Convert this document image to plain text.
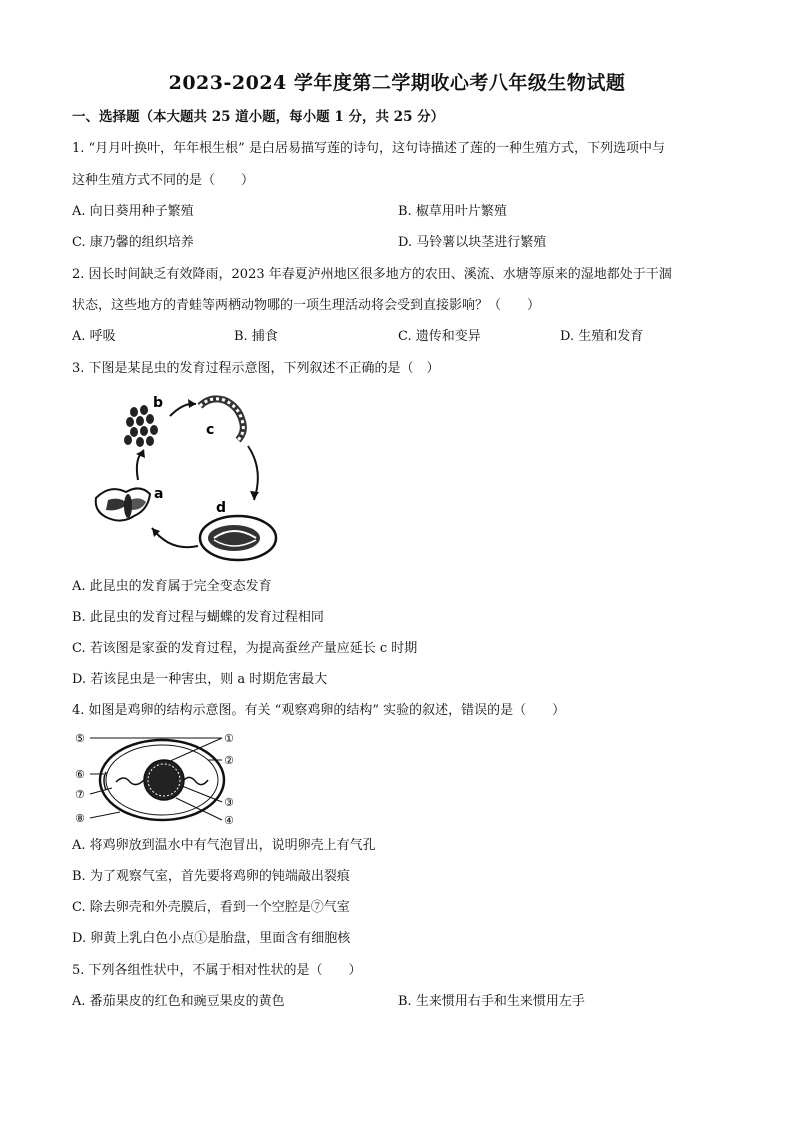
2023-2024 学年度第二学期收心考八年级生物试题
一、选择题（本大题共 25 道小题，每小题 1 分，共 25 分）
1. “月月叶换叶，年年根生根” 是白居易描写莲的诗句，这句诗描述了莲的一种生殖方式，下列选项中与
这种生殖方式不同的是（　　）
A. 向日葵用种子繁殖	B. 椒草用叶片繁殖
C. 康乃馨的组织培养	D. 马铃薯以块茎进行繁殖
2. 因长时间缺乏有效降雨，2023 年春夏泸州地区很多地方的农田、溪流、水塘等原来的湿地都处于干涸
状态，这些地方的青蛙等两栖动物哪的一项生理活动将会受到直接影响？（　　）
A. 呼吸	B. 捕食	C. 遗传和变异	D. 生殖和发育
3. 下图是某昆虫的发育过程示意图，下列叙述不正确的是（　）
b
c
d
a
A. 此昆虫的发育属于完全变态发育
B. 此昆虫的发育过程与蝴蝶的发育过程相同
C. 若该图是家蚕的发育过程，为提高蚕丝产量应延长 c 时期
D. 若该昆虫是一种害虫，则 a 时期危害最大
4. 如图是鸡卵的结构示意图。有关 “观察鸡卵的结构” 实验的叙述，错误的是（　　）
⑤	①
②
③
④
⑥
⑦
⑧
A. 将鸡卵放到温水中有气泡冒出，说明卵壳上有气孔
B. 为了观察气室，首先要将鸡卵的钝端敲出裂痕
C. 除去卵壳和外壳膜后，看到一个空腔是⑦气室
D. 卵黄上乳白色小点①是胎盘，里面含有细胞核
5. 下列各组性状中，不属于相对性状的是（　　）
A. 番茄果皮的红色和豌豆果皮的黄色	B. 生来惯用右手和生来惯用左手
